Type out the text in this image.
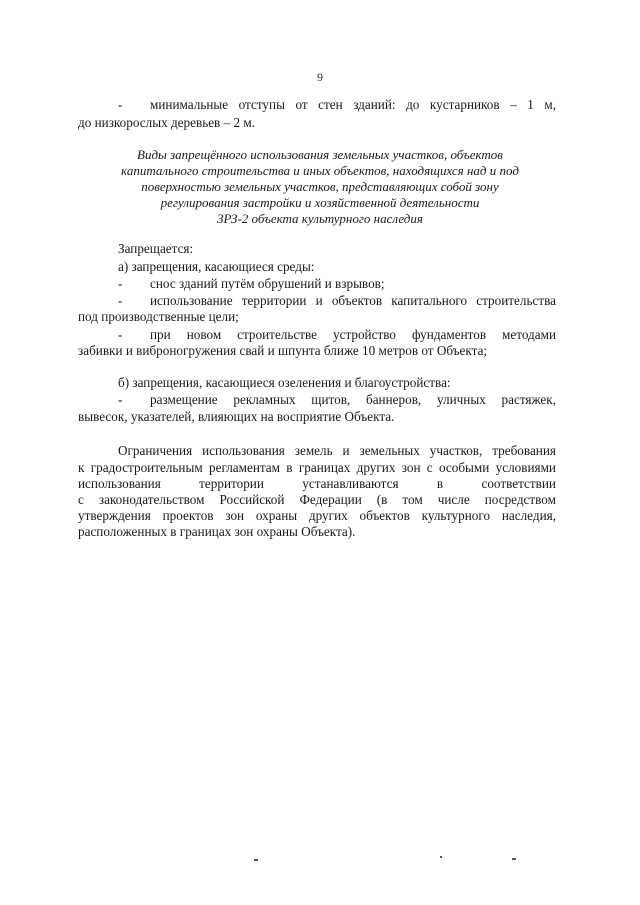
9
- минимальные отступы от стен зданий: до кустарников – 1 м,
до низкорослых деревьев – 2 м.
Виды запрещённого использования земельных участков, объектов
капитального строительства и иных объектов, находящихся над и под
поверхностью земельных участков, представляющих собой зону
регулирования застройки и хозяйственной деятельности
ЗРЗ-2 объекта культурного наследия
Запрещается:
а) запрещения, касающиеся среды:
- снос зданий путём обрушений и взрывов;
- использование территории и объектов капитального строительства
под производственные цели;
- при новом строительстве устройство фундаментов методами
забивки и виброногружения свай и шпунта ближе 10 метров от Объекта;
б) запрещения, касающиеся озеленения и благоустройства:
- размещение рекламных щитов, баннеров, уличных растяжек,
вывесок, указателей, влияющих на восприятие Объекта.
Ограничения использования земель и земельных участков, требования
к градостроительным регламентам в границах других зон с особыми условиями
использования территории устанавливаются в соответствии
с законодательством Российской Федерации (в том числе посредством
утверждения проектов зон охраны других объектов культурного наследия,
расположенных в границах зон охраны Объекта).
